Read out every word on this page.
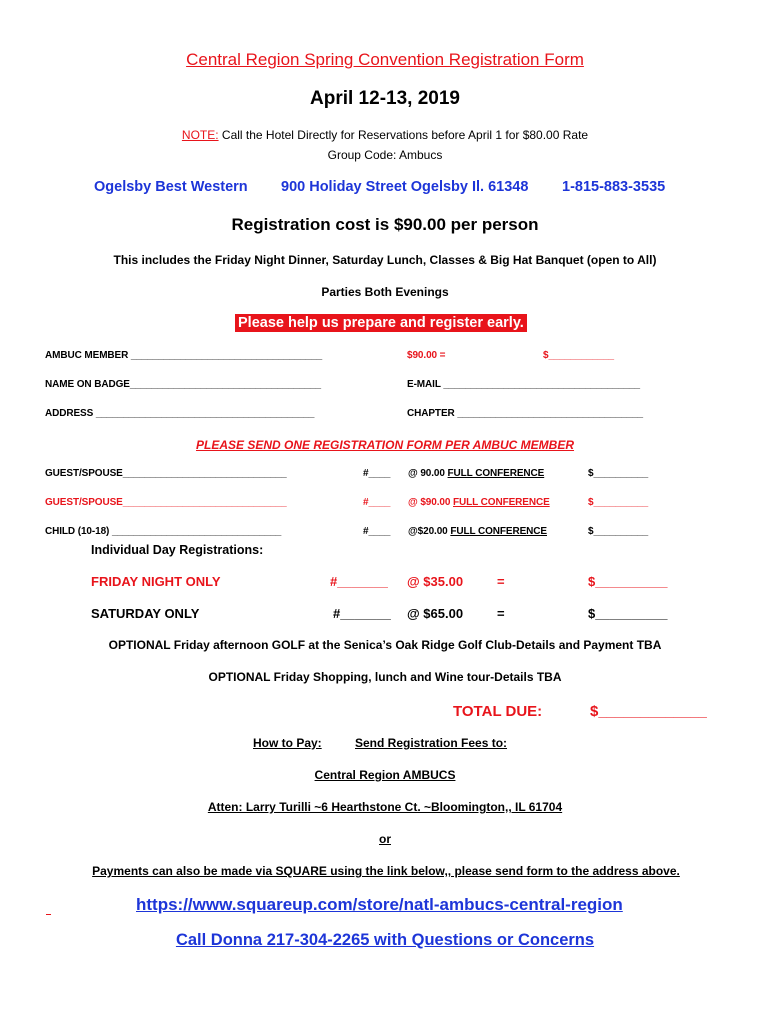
Central Region Spring Convention Registration Form
April 12-13, 2019
NOTE: Call the Hotel Directly for Reservations before April 1 for $80.00 Rate
Group Code: Ambucs
Ogelsby Best Western 900 Holiday Street Ogelsby Il. 61348 1-815-883-3535
Registration cost is $90.00 per person
This includes the Friday Night Dinner, Saturday Lunch, Classes & Big Hat Banquet (open to All)
Parties Both Evenings
Please help us prepare and register early.
AMBUC MEMBER ___________________________________	$90.00 =	$____________
NAME ON BADGE___________________________________	E-MAIL ____________________________________
ADDRESS ________________________________________	CHAPTER __________________________________
PLEASE SEND ONE REGISTRATION FORM PER AMBUC MEMBER
GUEST/SPOUSE______________________________	#____ @ 90.00 FULL CONFERENCE	$__________
GUEST/SPOUSE______________________________	#____ @ $90.00 FULL CONFERENCE	$__________
CHILD (10-18) _______________________________	#____ @$20.00 FULL CONFERENCE	$__________
Individual Day Registrations:
FRIDAY NIGHT ONLY	#_______ @ $35.00	=	$__________
SATURDAY ONLY	#_______ @ $65.00	=	$__________
OPTIONAL Friday afternoon GOLF at the Senica’s Oak Ridge Golf Club-Details and Payment TBA
OPTIONAL Friday Shopping, lunch and Wine tour-Details TBA
TOTAL DUE:	$_____________
How to Pay:	Send Registration Fees to:
Central Region AMBUCS
Atten: Larry Turilli ~6 Hearthstone Ct. ~Bloomington,, IL 61704
or
Payments can also be made via SQUARE using the link below,, please send form to the address above.

https://www.squareup.com/store/natl-ambucs-central-region
Call Donna 217-304-2265 with Questions or Concerns
